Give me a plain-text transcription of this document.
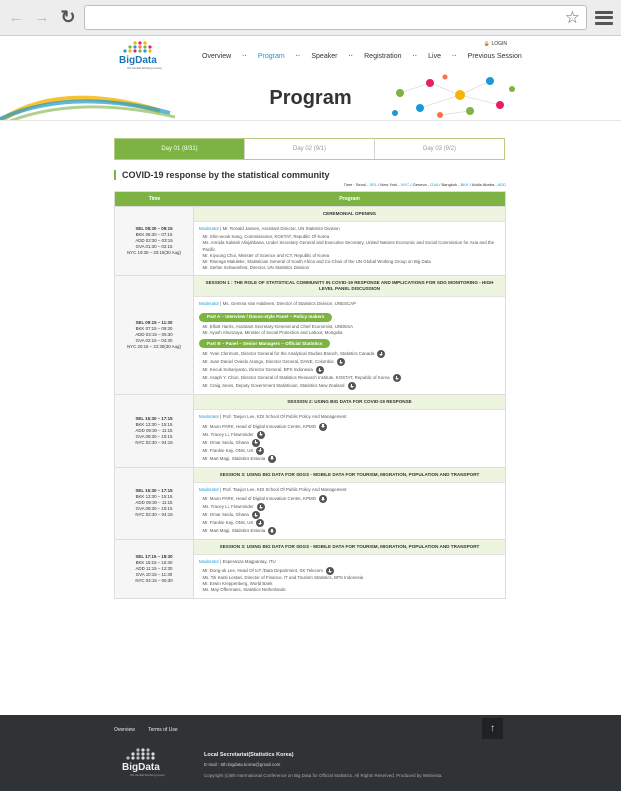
← → ↻	☆
BigData
UN Global Working Group
Overview ·· Program ·· Speaker ·· Registration ·· Live ·· Previous Session
🔒 LOGIN
Program
Day 01 (8/31)	Day 02 (9/1)	Day 03 (9/2)
COVID-19 response by the statistical community
Time : Seoul - SEL / New York - NYC / Geneva - GVA / Bangkok - BKK / Addis Ababa - ADD
Time	Program
SEL 08:30 – 09:15
BKK 06:30 – 07:15
ADD 02:30 – 03:15
GVA 01:30 – 02:15
NYC 19:30 – 20:15(30 Aug)
CEREMONIAL OPENING
Moderator | Mr. Ronald Jansen, Assistant Director, UN Statistics Division
· Mr. Shin-wook Kang, Commissioner, KOSTAT, Republic Of Korea
· Ms. Armida Salsiah Alisjahbana, Under Secretary General and Executive Secretary, United Nations Economic and Social Commission for Asia and the Pacific
· Mr. Kiyoung Choi, Minister of Science and ICT, Republic of Korea
· Mr. Risenga Maluleke, Statistician General of South Africa and Co-Chair of the UN Global Working Group on Big Data
· Mr. Stefan Schweinfest, Director, UN Statistics Division
SEL 09:15 – 11:30
BKK 07:15 – 09:30
ADD 03:15 – 05:30
GVA 02:15 – 04:30
NYC 20:15 – 22:30(30 Aug)
SESSION 1 : THE ROLE OF STATISTICAL COMMUNITY IN COVID-19 RESPONSE AND IMPLICATIONS FOR SDG MONITORING - HIGH LEVEL PANEL DISCUSSION
Moderator | Ms. Gemma Van Halderen, Director of Statistics Division, UNESCAP
Part A – Interview / Davos-style Panel – Policy makers
· Mr. Elliott Harris, Assistant Secretary-General and Chief Economist, UNDESA
· Mr. Ayush Ahunzaya, Minister of Social Protection and Labour, Mongolia
Part B – Panel – Senior Managers – Official Statistics
· Mr. Yvan Clermont, Director General for the Analytical Studies Branch, Statistics Canada
· Mr. Juan Daniel Oviedo Arango, Director General, DANE, Colombia
· Mr. Kecuk Suhariyanto, Director General, BPS Indonesia
· Mr. Asaph Y. Chun, Director General of Statistics Research Institute, KOSTAT, Republic of Korea
· Mr. Craig Jones, Deputy Government Statistician, Statistics New Zealand
SEL 15:30 – 17:15
BKK 13:30 – 15:15
ADD 09:30 – 11:15
GVA 08:30 – 10:15
NYC 02:30 – 04:15
SESSION 2: USING BIG DATA FOR COVID-19 RESPONSE
Moderator | Prof. Taejun Lee, KDI School Of Public Policy And Management
· Mr. Moon PARK, Head of Digital Innovation Centre, KPMG
· Ms. Tracey Li, Flowminder
· Mr. Omar Seidu, Ghana
· Mr. Frankie Kay, ONS, UK
· Mr. Mart Magi, Statistics Estonia
SEL 15:30 – 17:15
BKK 13:30 – 15:15
ADD 09:30 – 11:15
GVA 08:30 – 10:15
NYC 02:30 – 04:15
SESSION 3: USING BIG DATA FOR SDGS - MOBILE DATA FOR TOURISM, MIGRATION, POPULATION AND TRANSPORT
Moderator | Prof. Taejun Lee, KDI School Of Public Policy And Management
· Mr. Moon PARK, Head of Digital Innovation Centre, KPMG
· Ms. Tracey Li, Flowminder
· Mr. Omar Seidu, Ghana
· Mr. Frankie Kay, ONS, UK
· Mr. Mart Magi, Statistics Estonia
SEL 17:15 – 18:30
BKK 15:15 – 16:30
ADD 11:15 – 12:30
GVA 10:15 – 11:30
NYC 04:15 – 05:30
SESSION 3: USING BIG DATA FOR SDGS - MOBILE DATA FOR TOURISM, MIGRATION, POPULATION AND TRANSPORT
Moderator | Esperanza Magpantay, ITU
· Mr. Dong-ok Lee, Head Of IoT /Data Department, SK Telecom
· Ms. Titi Kanti Lestari, Director of Finance, IT and Tourism Statistics, BPS Indonesia
· Mr. Erwin Kreppenberg, World Bank
· Ms. May Offermans, Statistics Netherlands
Overview	Terms of Use	↑
BigData
UN Global Working Group
Local Secretariat(Statistics Korea)
E-mail : 6th.bigdata.korea@gmail.com
Copyright (c)6th International Conference on Big Data for Official Statistics. All Rights Reserved. Produced by Webvista.
